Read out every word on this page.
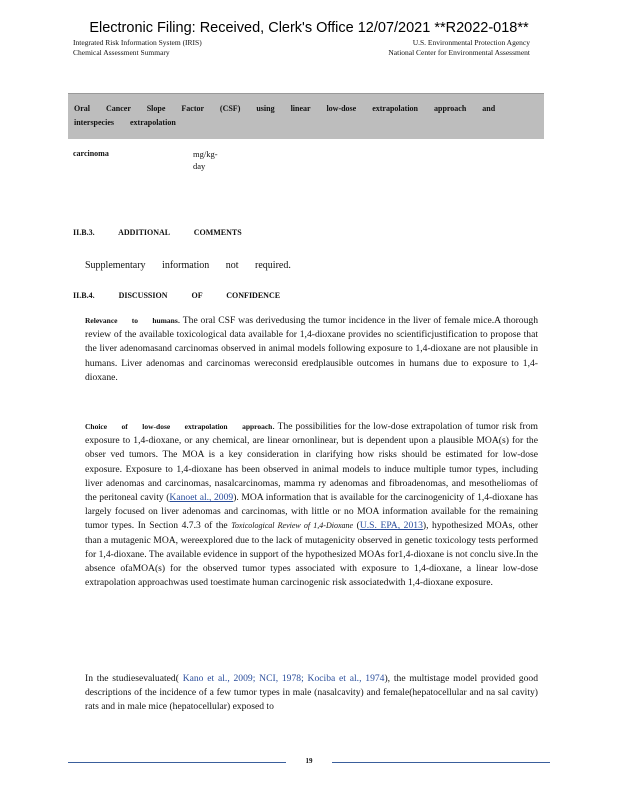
Electronic Filing: Received, Clerk's Office 12/07/2021 **R2022-018**
Integrated Risk Information System (IRIS)
Chemical Assessment Summary
U.S. Environmental Protection Agency
National Center for Environmental Assessment
Oral Cancer Slope Factor (CSF) using linear low-dose extrapolation approach and interspecies extrapolation
carcinoma	mg/kg-
day
II.B.3. ADDITIONAL COMMENTS
Supplementary information not required.
II.B.4. DISCUSSION OF CONFIDENCE
Relevance to humans. The oral CSF was derivedusing the tumor incidence in the liver of female mice.A thorough review of the available toxicological data available for 1,4-dioxane provides no scientificjustification to propose that the liver adenomasand carcinomas observed in animal models following exposure to 1,4-dioxane are not plausible in humans. Liver adenomas and carcinomas wereconsid eredplausible outcomes in humans due to exposure to 1,4-dioxane.
Choice of low-dose extrapolation approach. The possibilities for the low-dose extrapolation of tumor risk from exposure to 1,4-dioxane, or any chemical, are linear ornonlinear, but is dependent upon a plausible MOA(s) for the obser ved tumors. The MOA is a key consideration in clarifying how risks should be estimated for low-dose exposure. Exposure to 1,4-dioxane has been observed in animal models to induce multiple tumor types, including liver adenomas and carcinomas, nasalcarcinomas, mamma ry adenomas and fibroadenomas, and mesotheliomas of the peritoneal cavity (Kanoet al., 2009). MOA information that is available for the carcinogenicity of 1,4-dioxane has largely focused on liver adenomas and carcinomas, with little or no MOA information available for the remaining tumor types. In Section 4.7.3 of the Toxicological Review of 1,4-Dioxane (U.S. EPA, 2013), hypothesized MOAs, other than a mutagenic MOA, wereexplored due to the lack of mutagenicity observed in genetic toxicology tests performed for 1,4-dioxane. The available evidence in support of the hypothesized MOAs for1,4-dioxane is not conclu sive.In the absence ofaMOA(s) for the observed tumor types associated with exposure to 1,4-dioxane, a linear low-dose extrapolation approachwas used toestimate human carcinogenic risk associatedwith 1,4-dioxane exposure.
In the studiesevaluated( Kano et al., 2009; NCI, 1978; Kociba et al., 1974), the multistage model provided good descriptions of the incidence of a few tumor types in male (nasalcavity) and female(hepatocellular and na sal cavity) rats and in male mice (hepatocellular) exposed to
19
